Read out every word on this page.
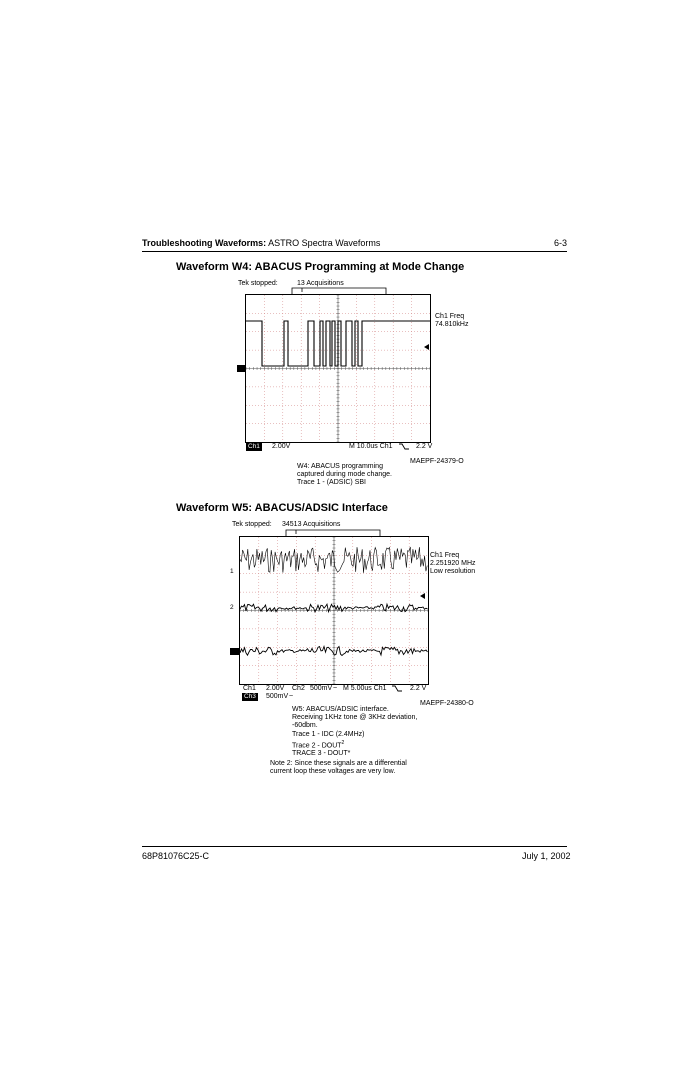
Troubleshooting Waveforms: ASTRO Spectra Waveforms	6-3
Waveform W4: ABACUS Programming at Mode Change
Tek stopped:	13 Acquisitions
Ch1 Freq
74.810kHz
Ch1 2.00V	M 10.0us Ch1	2.2 V
MAEPF-24379-O
W4: ABACUS programming
captured during mode change.
Trace 1 - (ADSIC) SBI
Waveform W5: ABACUS/ADSIC Interface
Tek stopped: 34513 Acquisitions
1
2
Ch1 Freq
2.251920 MHz
Low resolution
Ch1 2.00V Ch2 500mV ~ M 5.00us Ch1	2.2 V
Ch3 500mV ~
MAEPF-24380-O
W5: ABACUS/ADSIC interface.
Receiving 1KHz tone @ 3KHz deviation,
-60dbm.
Trace 1 - IDC (2.4MHz)
Trace 2 - DOUT$^2$
TRACE 3 - DOUT*
Note 2: Since these signals are a differential
current loop these voltages are very low.
68P81076C25-C	July 1, 2002
